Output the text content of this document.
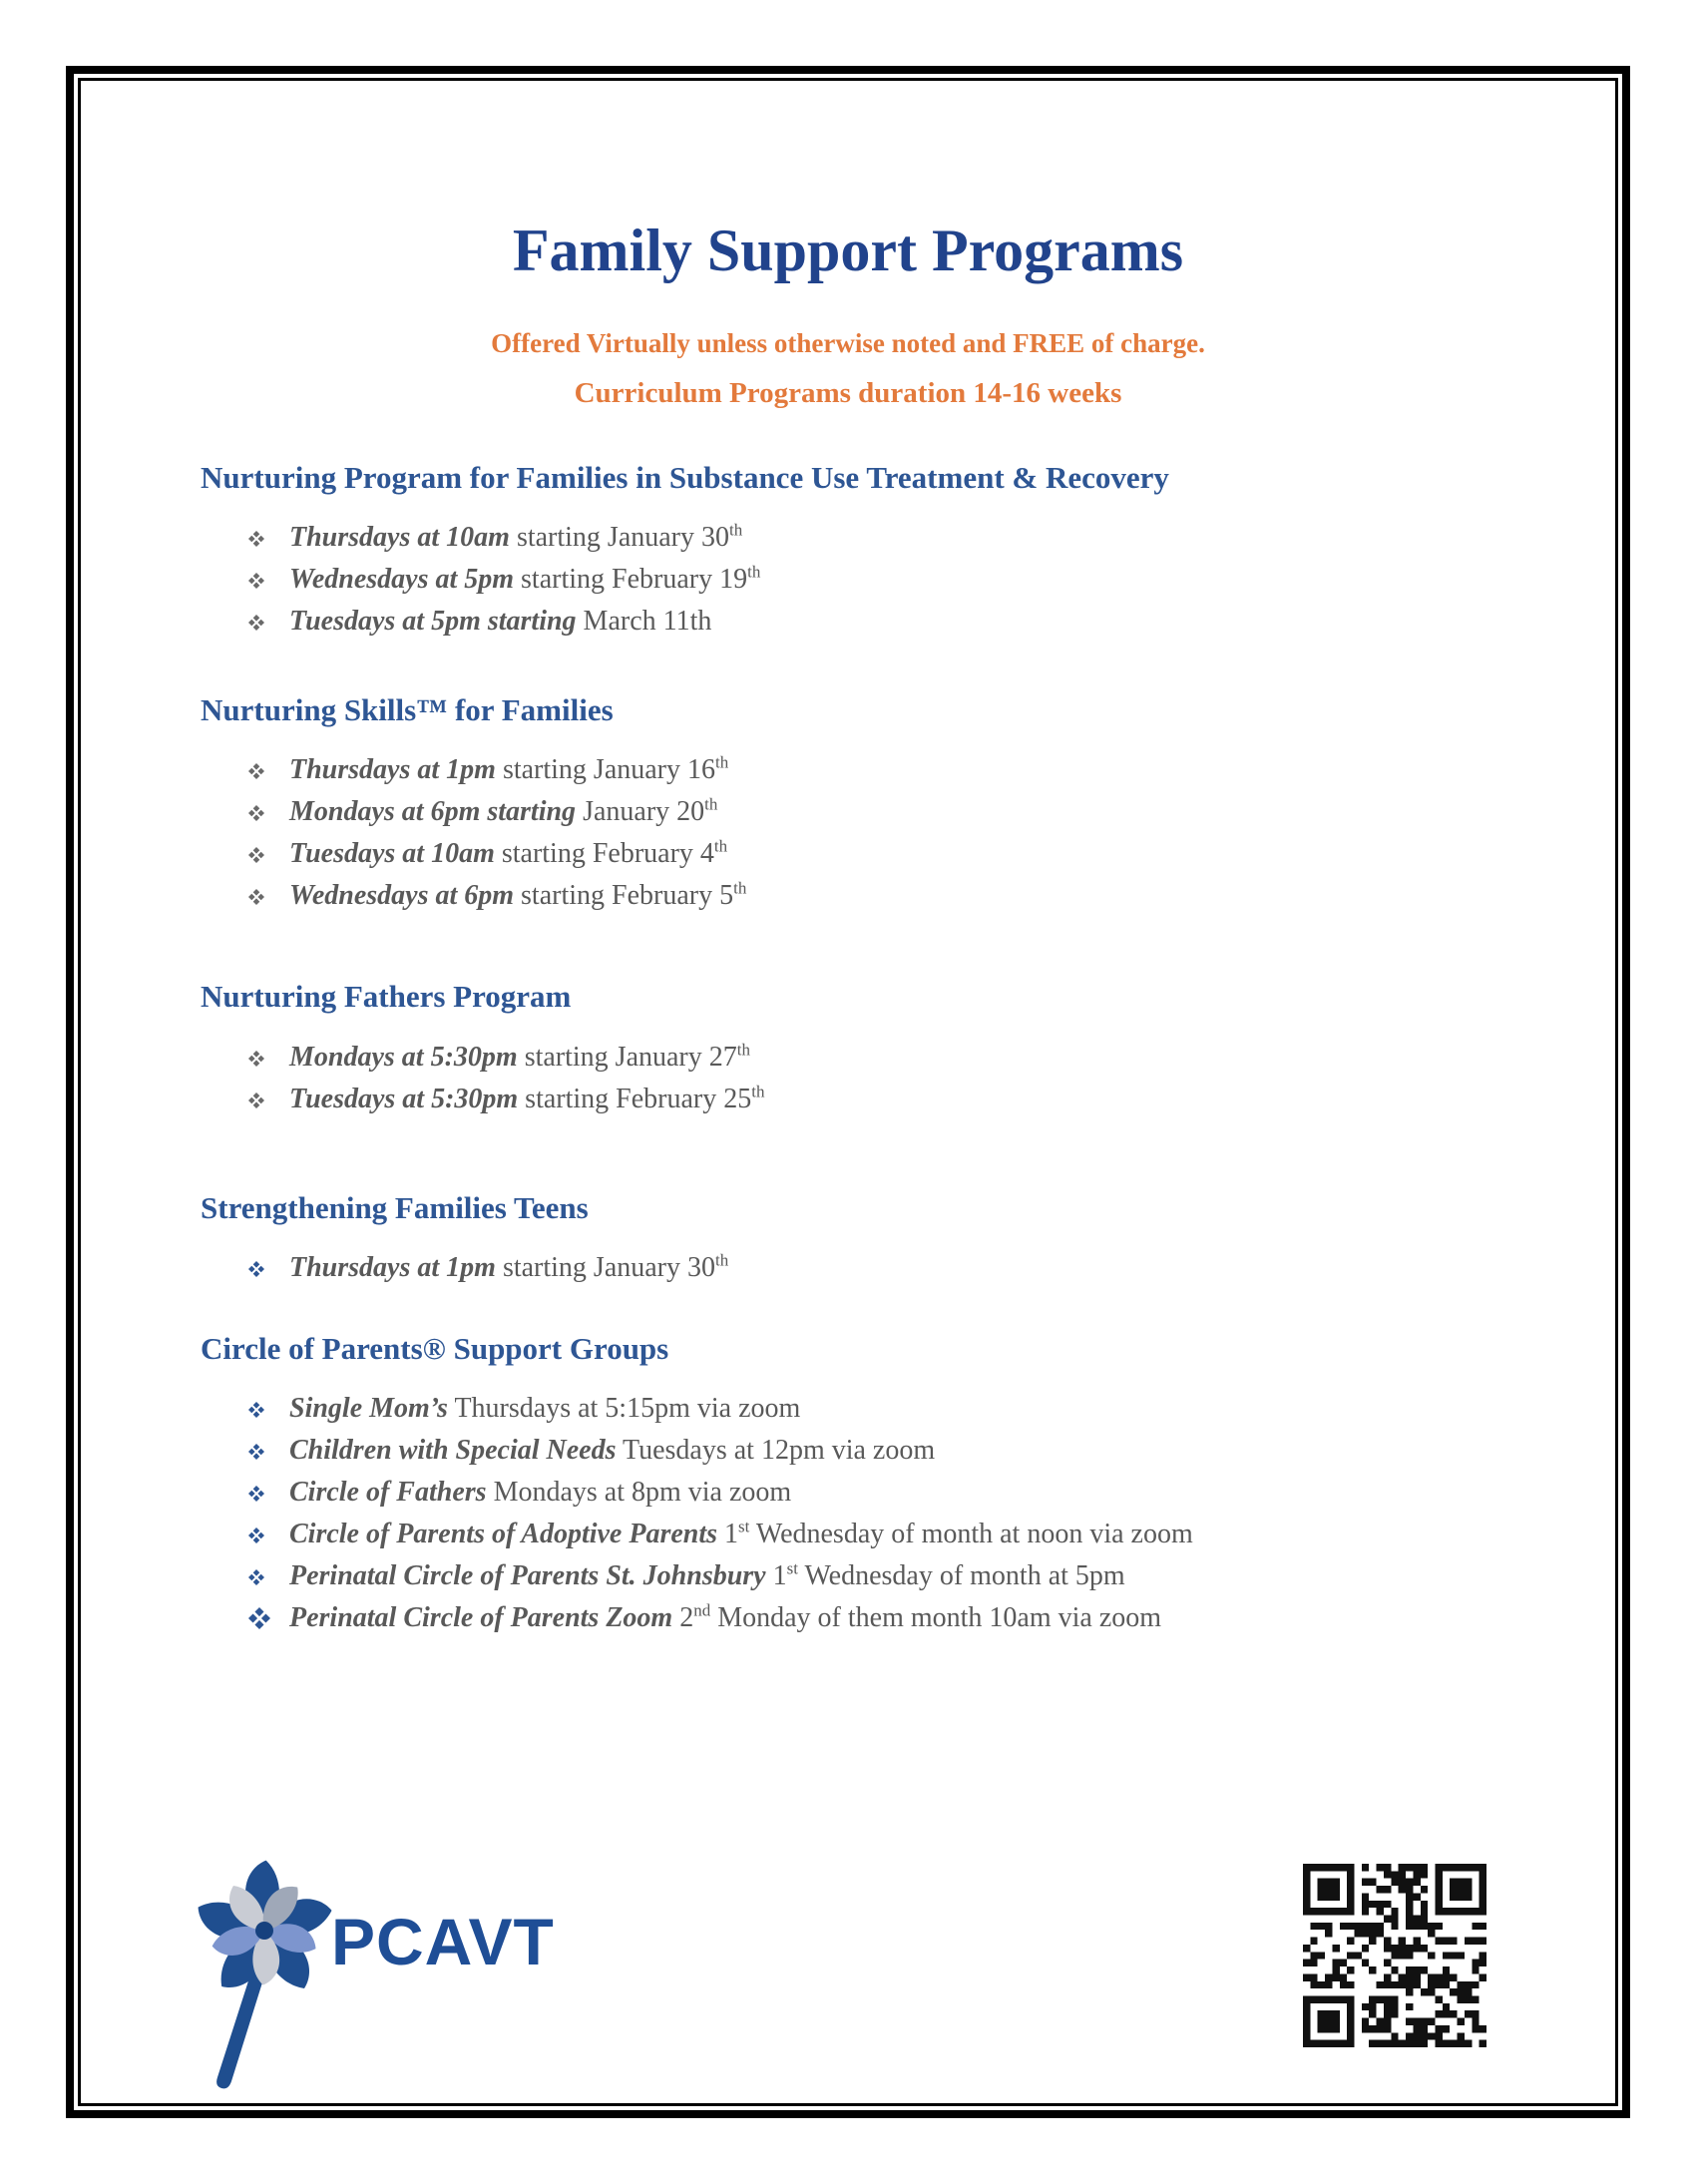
Family Support Programs
Offered Virtually unless otherwise noted and FREE of charge.
Curriculum Programs duration 14-16 weeks
Nurturing Program for Families in Substance Use Treatment & Recovery
Thursdays at 10am starting January 30th
Wednesdays at 5pm starting February 19th
Tuesdays at 5pm starting March 11th
Nurturing Skills™ for Families
Thursdays at 1pm starting January 16th
Mondays at 6pm starting January 20th
Tuesdays at 10am starting February 4th
Wednesdays at 6pm starting February 5th
Nurturing Fathers Program
Mondays at 5:30pm starting January 27th
Tuesdays at 5:30pm starting February 25th
Strengthening Families Teens
Thursdays at 1pm starting January 30th
Circle of Parents® Support Groups
Single Mom’s Thursdays at 5:15pm via zoom
Children with Special Needs Tuesdays at 12pm via zoom
Circle of Fathers Mondays at 8pm via zoom
Circle of Parents of Adoptive Parents 1st Wednesday of month at noon via zoom
Perinatal Circle of Parents St. Johnsbury 1st Wednesday of month at 5pm
Perinatal Circle of Parents Zoom 2nd Monday of them month 10am via zoom
PCAVT
